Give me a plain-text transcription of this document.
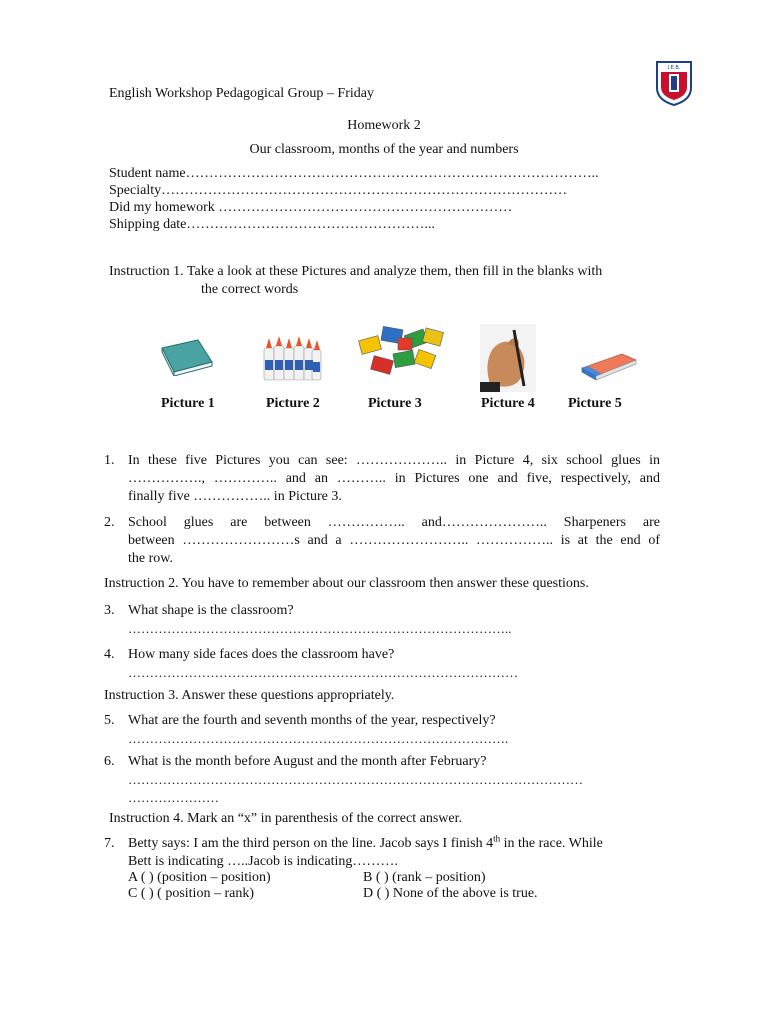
English Workshop Pedagogical Group – Friday
I.E.B.
Homework 2
Our classroom, months of the year and numbers
Student name……………………………………………………………………………..
Specialty……………………………………………………………………………
Did my homework ………………………………………………………
Shipping date……………………………………………...
Instruction 1. Take a look at these Pictures and analyze them, then fill in the blanks with
the correct words
Picture 1	Picture 2	Picture 3	Picture 4 Picture 5
1. In these five Pictures you can see: ……………….. in Picture 4, six school glues in
……………., ………….. and an ……….. in Pictures one and five, respectively, and
finally five …………….. in Picture 3.
2. School glues are between …………….. and………………….. Sharpeners are
between ……………………s and a …………………….. …………….. is at the end of
the row.
Instruction 2. You have to remember about our classroom then answer these questions.
3. What shape is the classroom?
……………………………………………………………………………..
4. How many side faces does the classroom have?
………………………………………………………………………………
Instruction 3. Answer these questions appropriately.
5. What are the fourth and seventh months of the year, respectively?
…………………………………………………………………………….
6. What is the month before August and the month after February?
……………………………………………………………………………………………
…………………
Instruction 4. Mark an “x” in parenthesis of the correct answer.
7. Betty says: I am the third person on the line. Jacob says I finish 4th in the race. While
Bett is indicating …..Jacob is indicating……….
A ( ) (position – position)	B ( ) (rank – position)
C ( ) ( position – rank)	D ( ) None of the above is true.
